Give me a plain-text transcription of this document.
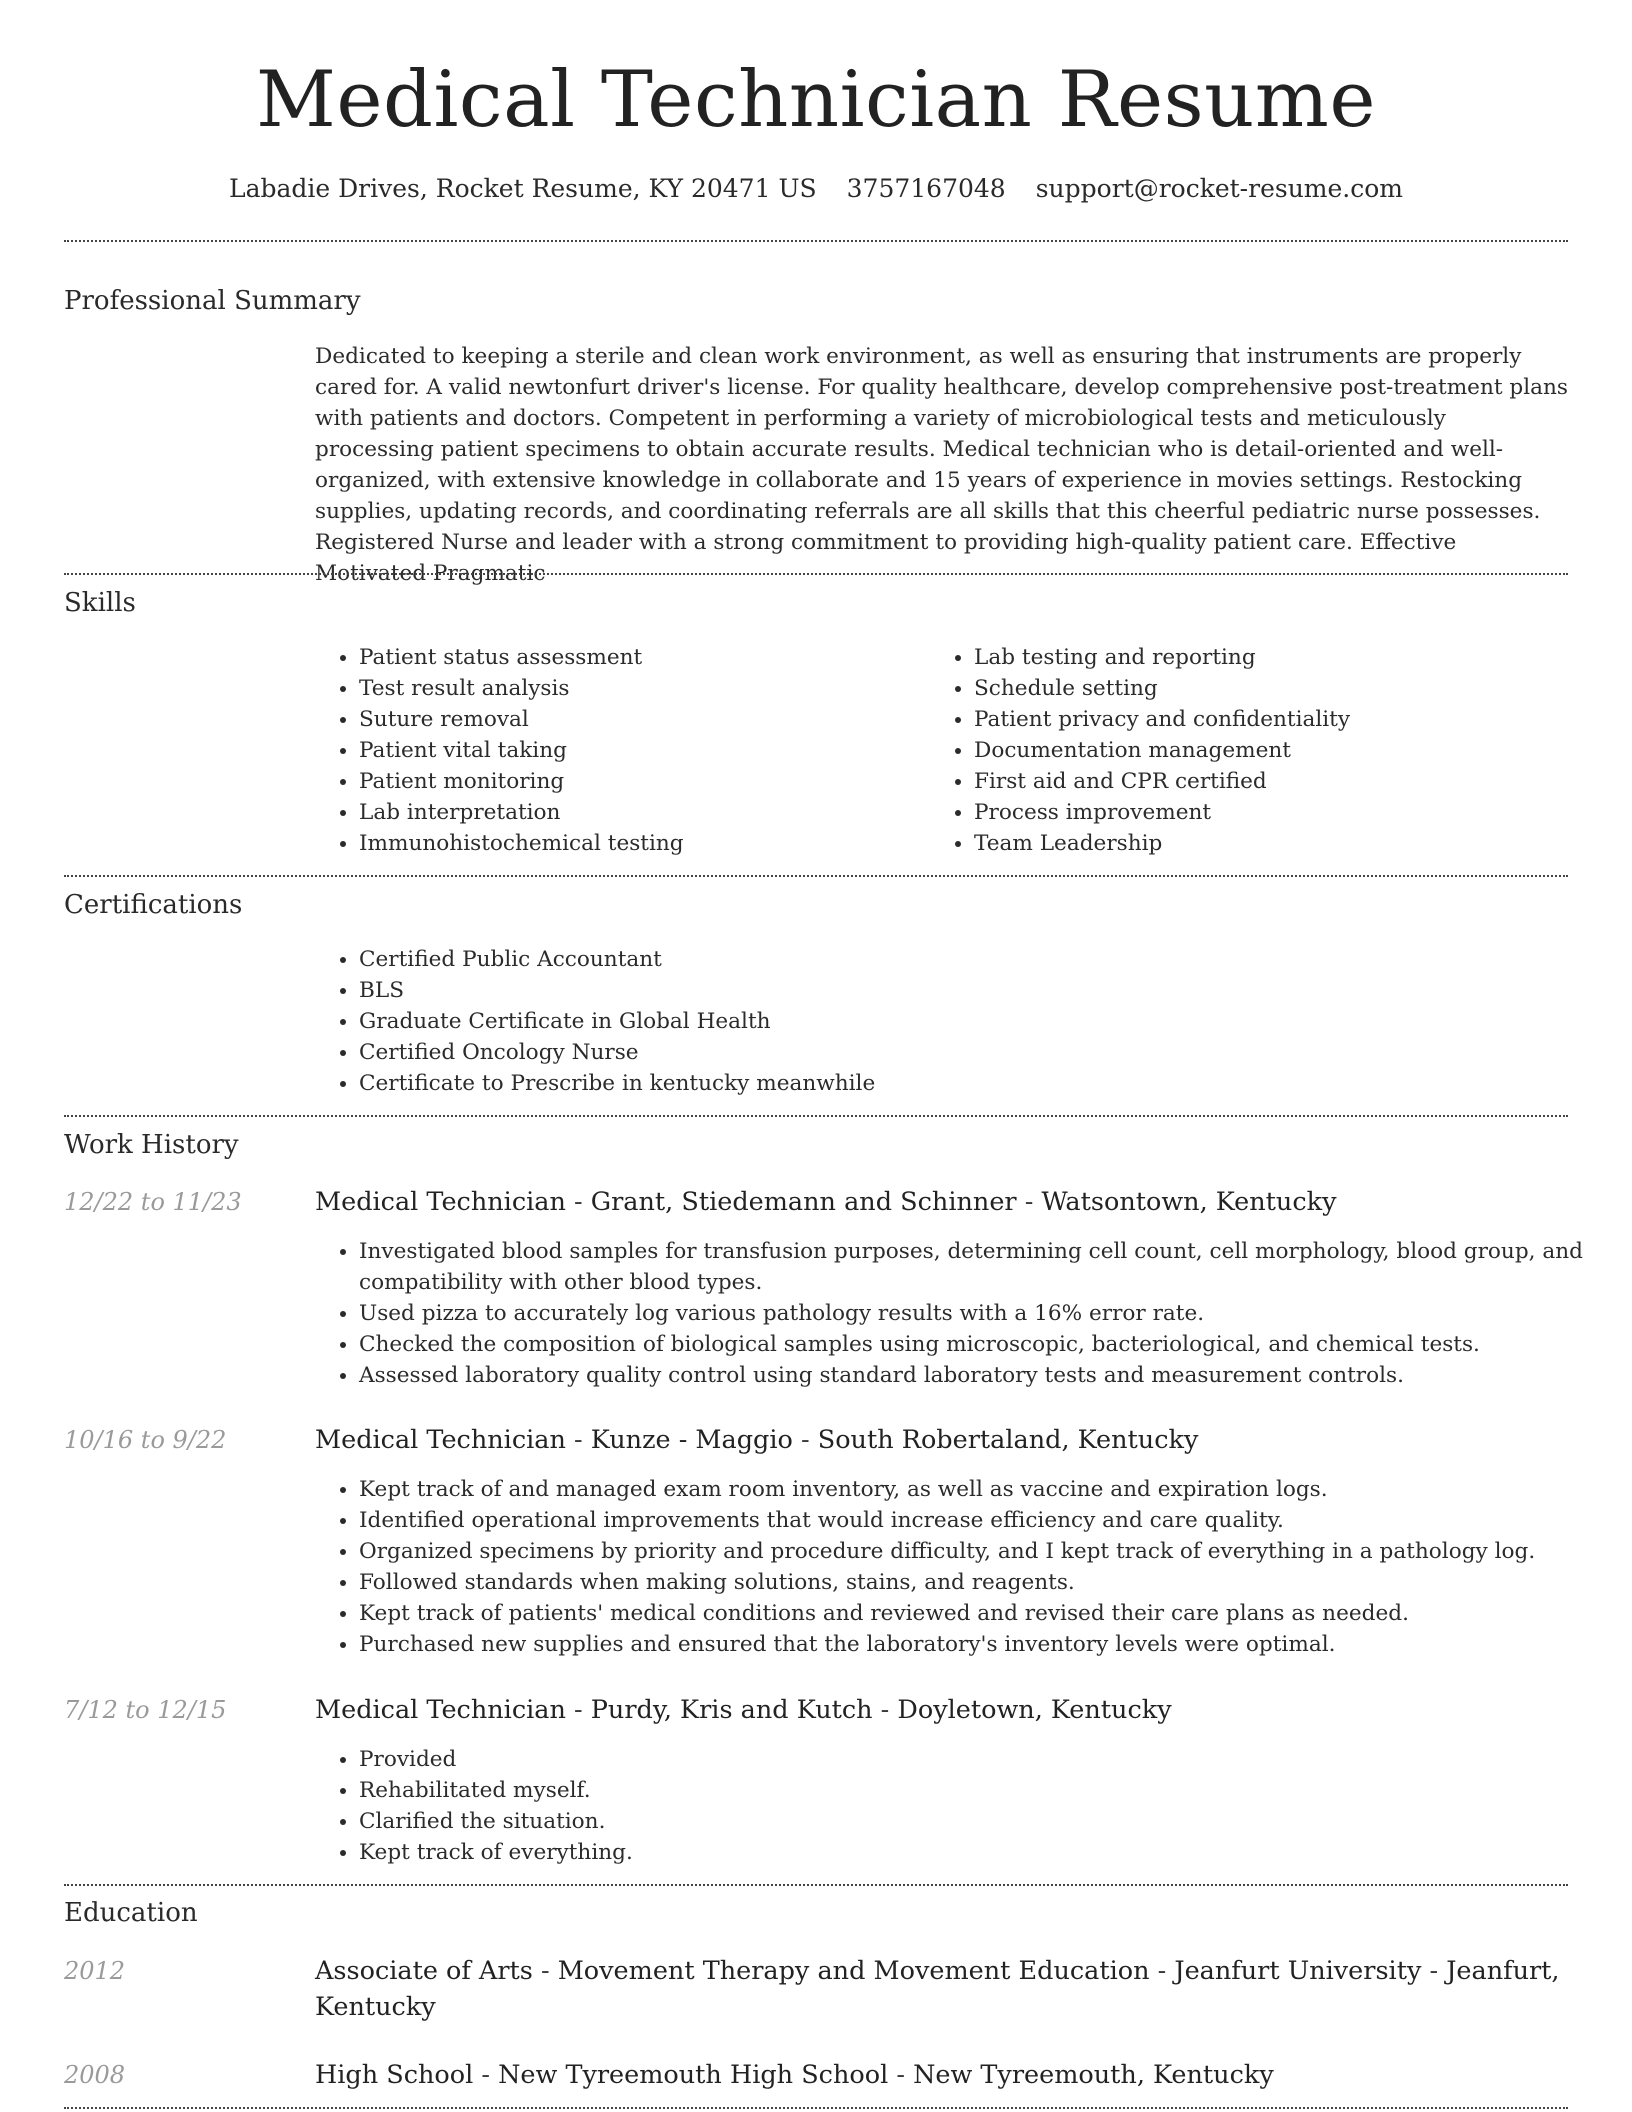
Medical Technician Resume
Labadie Drives, Rocket Resume, KY 20471 US 3757167048 support@rocket-resume.com
Professional Summary
Dedicated to keeping a sterile and clean work environment, as well as ensuring that instruments are properly cared for. A valid newtonfurt driver's license. For quality healthcare, develop comprehensive post-treatment plans with patients and doctors. Competent in performing a variety of microbiological tests and meticulously processing patient specimens to obtain accurate results. Medical technician who is detail-oriented and well-organized, with extensive knowledge in collaborate and 15 years of experience in movies settings. Restocking supplies, updating records, and coordinating referrals are all skills that this cheerful pediatric nurse possesses. Registered Nurse and leader with a strong commitment to providing high-quality patient care. Effective Motivated Pragmatic
Skills
• Patient status assessment
• Test result analysis
• Suture removal
• Patient vital taking
• Patient monitoring
• Lab interpretation
• Immunohistochemical testing
• Lab testing and reporting
• Schedule setting
• Patient privacy and confidentiality
• Documentation management
• First aid and CPR certified
• Process improvement
• Team Leadership
Certifications
• Certified Public Accountant
• BLS
• Graduate Certificate in Global Health
• Certified Oncology Nurse
• Certificate to Prescribe in kentucky meanwhile
Work History
12/22 to 11/23	Medical Technician - Grant, Stiedemann and Schinner - Watsontown, Kentucky
• Investigated blood samples for transfusion purposes, determining cell count, cell morphology, blood group, and compatibility with other blood types.
• Used pizza to accurately log various pathology results with a 16% error rate.
• Checked the composition of biological samples using microscopic, bacteriological, and chemical tests.
• Assessed laboratory quality control using standard laboratory tests and measurement controls.
10/16 to 9/22	Medical Technician - Kunze - Maggio - South Robertaland, Kentucky
• Kept track of and managed exam room inventory, as well as vaccine and expiration logs.
• Identified operational improvements that would increase efficiency and care quality.
• Organized specimens by priority and procedure difficulty, and I kept track of everything in a pathology log.
• Followed standards when making solutions, stains, and reagents.
• Kept track of patients' medical conditions and reviewed and revised their care plans as needed.
• Purchased new supplies and ensured that the laboratory's inventory levels were optimal.
7/12 to 12/15	Medical Technician - Purdy, Kris and Kutch - Doyletown, Kentucky
• Provided
• Rehabilitated myself.
• Clarified the situation.
• Kept track of everything.
Education
2012	Associate of Arts - Movement Therapy and Movement Education - Jeanfurt University - Jeanfurt, Kentucky
2008	High School - New Tyreemouth High School - New Tyreemouth, Kentucky
